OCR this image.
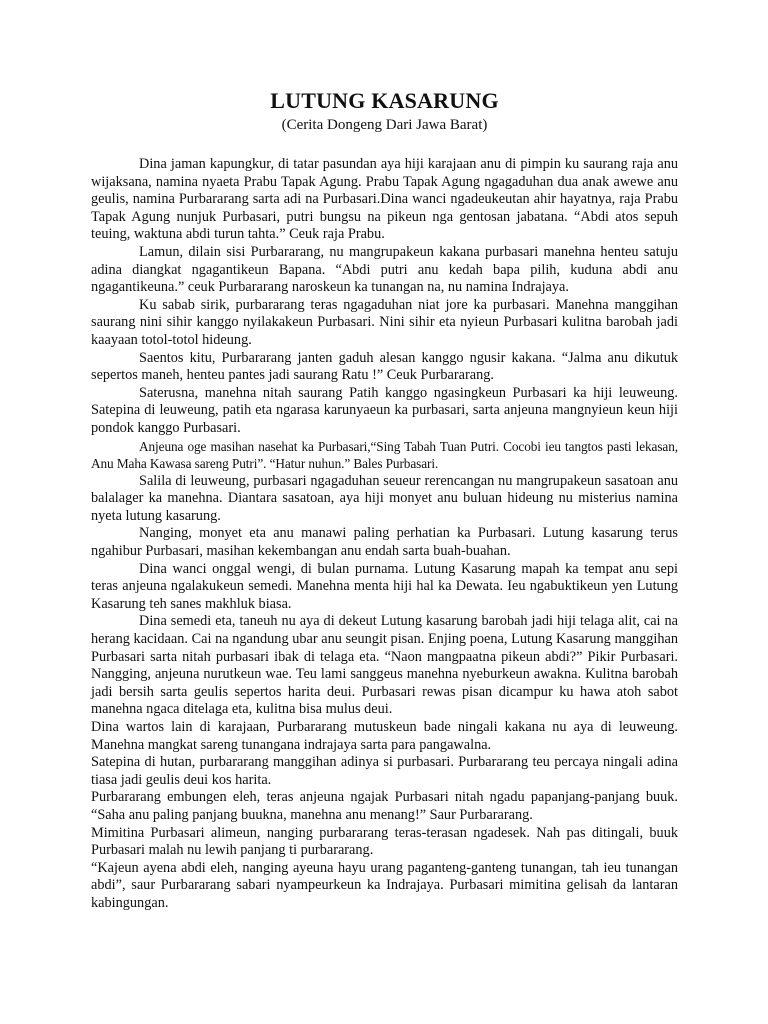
LUTUNG KASARUNG
(Cerita Dongeng Dari Jawa Barat)

Dina jaman kapungkur, di tatar pasundan aya hiji karajaan anu di pimpin ku saurang raja anu wijaksana, namina nyaeta Prabu Tapak Agung. Prabu Tapak Agung ngagaduhan dua anak awewe anu geulis, namina Purbararang sarta adi na Purbasari.Dina wanci ngadeukeutan ahir hayatnya, raja Prabu Tapak Agung nunjuk Purbasari, putri bungsu na pikeun nga gentosan jabatana. “Abdi atos sepuh teuing, waktuna abdi turun tahta.” Ceuk raja Prabu.

Lamun, dilain sisi Purbararang, nu mangrupakeun kakana purbasari manehna henteu satuju adina diangkat ngagantikeun Bapana. “Abdi putri anu kedah bapa pilih, kuduna abdi anu ngagantikeuna.” ceuk Purbararang naroskeun ka tunangan na, nu namina Indrajaya.

Ku sabab sirik, purbararang teras ngagaduhan niat jore ka purbasari. Manehna manggihan saurang nini sihir kanggo nyilakakeun Purbasari. Nini sihir eta nyieun Purbasari kulitna barobah jadi kaayaan totol-totol hideung.

Saentos kitu, Purbararang janten gaduh alesan kanggo ngusir kakana. “Jalma anu dikutuk sepertos maneh, henteu pantes jadi saurang Ratu !” Ceuk Purbararang.

Saterusna, manehna nitah saurang Patih kanggo ngasingkeun Purbasari ka hiji leuweung. Satepina di leuweung, patih eta ngarasa karunyaeun ka purbasari, sarta anjeuna mangnyieun keun hiji pondok kanggo Purbasari.

Anjeuna oge masihan nasehat ka Purbasari,“Sing Tabah Tuan Putri. Cocobi ieu tangtos pasti lekasan, Anu Maha Kawasa sareng Putri”. “Hatur nuhun.” Bales Purbasari.

Salila di leuweung, purbasari ngagaduhan seueur rerencangan nu mangrupakeun sasatoan anu balalager ka manehna. Diantara sasatoan, aya hiji monyet anu buluan hideung nu misterius namina nyeta lutung kasarung.

Nanging, monyet eta anu manawi paling perhatian ka Purbasari. Lutung kasarung terus ngahibur Purbasari, masihan kekembangan anu endah sarta buah-buahan.

Dina wanci onggal wengi, di bulan purnama. Lutung Kasarung mapah ka tempat anu sepi teras anjeuna ngalakukeun semedi. Manehna menta hiji hal ka Dewata. Ieu ngabuktikeun yen Lutung Kasarung teh sanes makhluk biasa.

Dina semedi eta, taneuh nu aya di dekeut Lutung kasarung barobah jadi hiji telaga alit, cai na herang kacidaan. Cai na ngandung ubar anu seungit pisan. Enjing poena, Lutung Kasarung manggihan Purbasari sarta nitah purbasari ibak di telaga eta. “Naon mangpaatna pikeun abdi?” Pikir Purbasari. Nangging, anjeuna nurutkeun wae. Teu lami sanggeus manehna nyeburkeun awakna. Kulitna barobah jadi bersih sarta geulis sepertos harita deui. Purbasari rewas pisan dicampur ku hawa atoh sabot manehna ngaca ditelaga eta, kulitna bisa mulus deui.

Dina wartos lain di karajaan, Purbararang mutuskeun bade ningali kakana nu aya di leuweung. Manehna mangkat sareng tunangana indrajaya sarta para pangawalna.

Satepina di hutan, purbararang manggihan adinya si purbasari. Purbararang teu percaya ningali adina tiasa jadi geulis deui kos harita.

Purbararang embungen eleh, teras anjeuna ngajak Purbasari nitah ngadu papanjang-panjang buuk. “Saha anu paling panjang buukna, manehna anu menang!” Saur Purbararang.

Mimitina Purbasari alimeun, nanging purbararang teras-terasan ngadesek. Nah pas ditingali, buuk Purbasari malah nu lewih panjang ti purbararang.

“Kajeun ayena abdi eleh, nanging ayeuna hayu urang paganteng-ganteng tunangan, tah ieu tunangan abdi”, saur Purbararang sabari nyampeurkeun ka Indrajaya. Purbasari mimitina gelisah da lantaran kabingungan.
